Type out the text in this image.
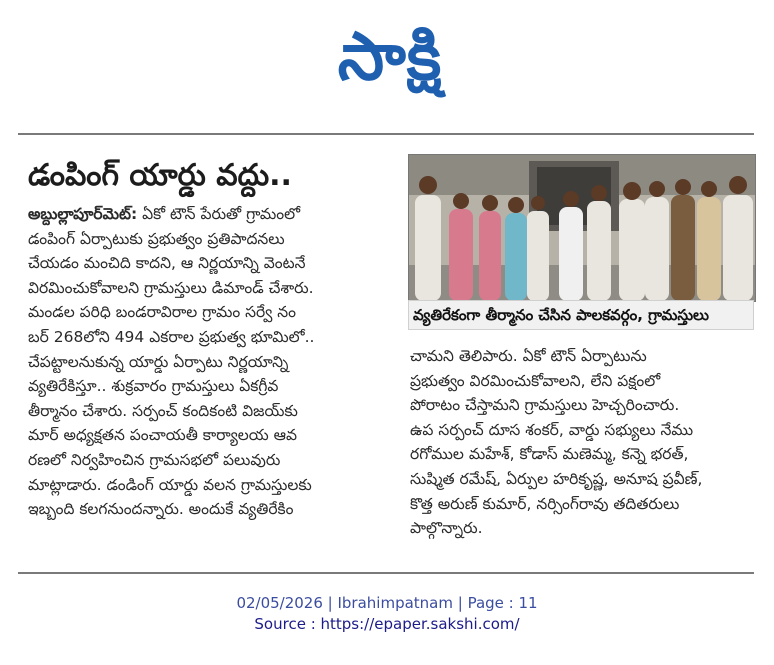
సాక్షి
డంపింగ్ యార్డు వద్దు..
అబ్దుల్లాపూర్‌మెట్: ఏకో టౌన్ పేరుతో గ్రామంలో
డంపింగ్ ఏర్పాటుకు ప్రభుత్వం ప్రతిపాదనలు
చేయడం మంచిది కాదని, ఆ నిర్ణయాన్ని వెంటనే
విరమించుకోవాలని గ్రామస్తులు డిమాండ్ చేశారు.
మండల పరిధి బండరావిరాల గ్రామం సర్వే నం
బర్ 268లోని 494 ఎకరాల ప్రభుత్వ భూమిలో..
చేపట్టాలనుకున్న యార్డు ఏర్పాటు నిర్ణయాన్ని
వ్యతిరేకిస్తూ.. శుక్రవారం గ్రామస్తులు ఏకగ్రీవ
తీర్మానం చేశారు. సర్పంచ్ కందికంటి విజయ్‌కు
మార్ అధ్యక్షతన పంచాయతీ కార్యాలయ ఆవ
రణలో నిర్వహించిన గ్రామసభలో పలువురు
మాట్లాడారు. డండింగ్ యార్డు వలన గ్రామస్తులకు
ఇబ్బంది కలగనుందన్నారు. అందుకే వ్యతిరేకిం
వ్యతిరేకంగా తీర్మానం చేసిన పాలకవర్గం, గ్రామస్తులు
చామని తెలిపారు. ఏకో టౌన్ ఏర్పాటును
ప్రభుత్వం విరమించుకోవాలని, లేని పక్షంలో
పోరాటం చేస్తామని గ్రామస్తులు హెచ్చరించారు.
ఉప సర్పంచ్ దూస శంకర్, వార్డు సభ్యులు నేము
రగోముల మహేశ్, కోడాస్ మణెమ్మ, కన్నె భరత్,
సుష్మిత రమేష్, ఏర్పుల హరికృష్ణ, అనూష ప్రవీణ్,
కొత్త అరుణ్ కుమార్, నర్సింగ్‌రావు తదితరులు
పాల్గొన్నారు.
02/05/2026 | Ibrahimpatnam | Page : 11
Source : https://epaper.sakshi.com/
